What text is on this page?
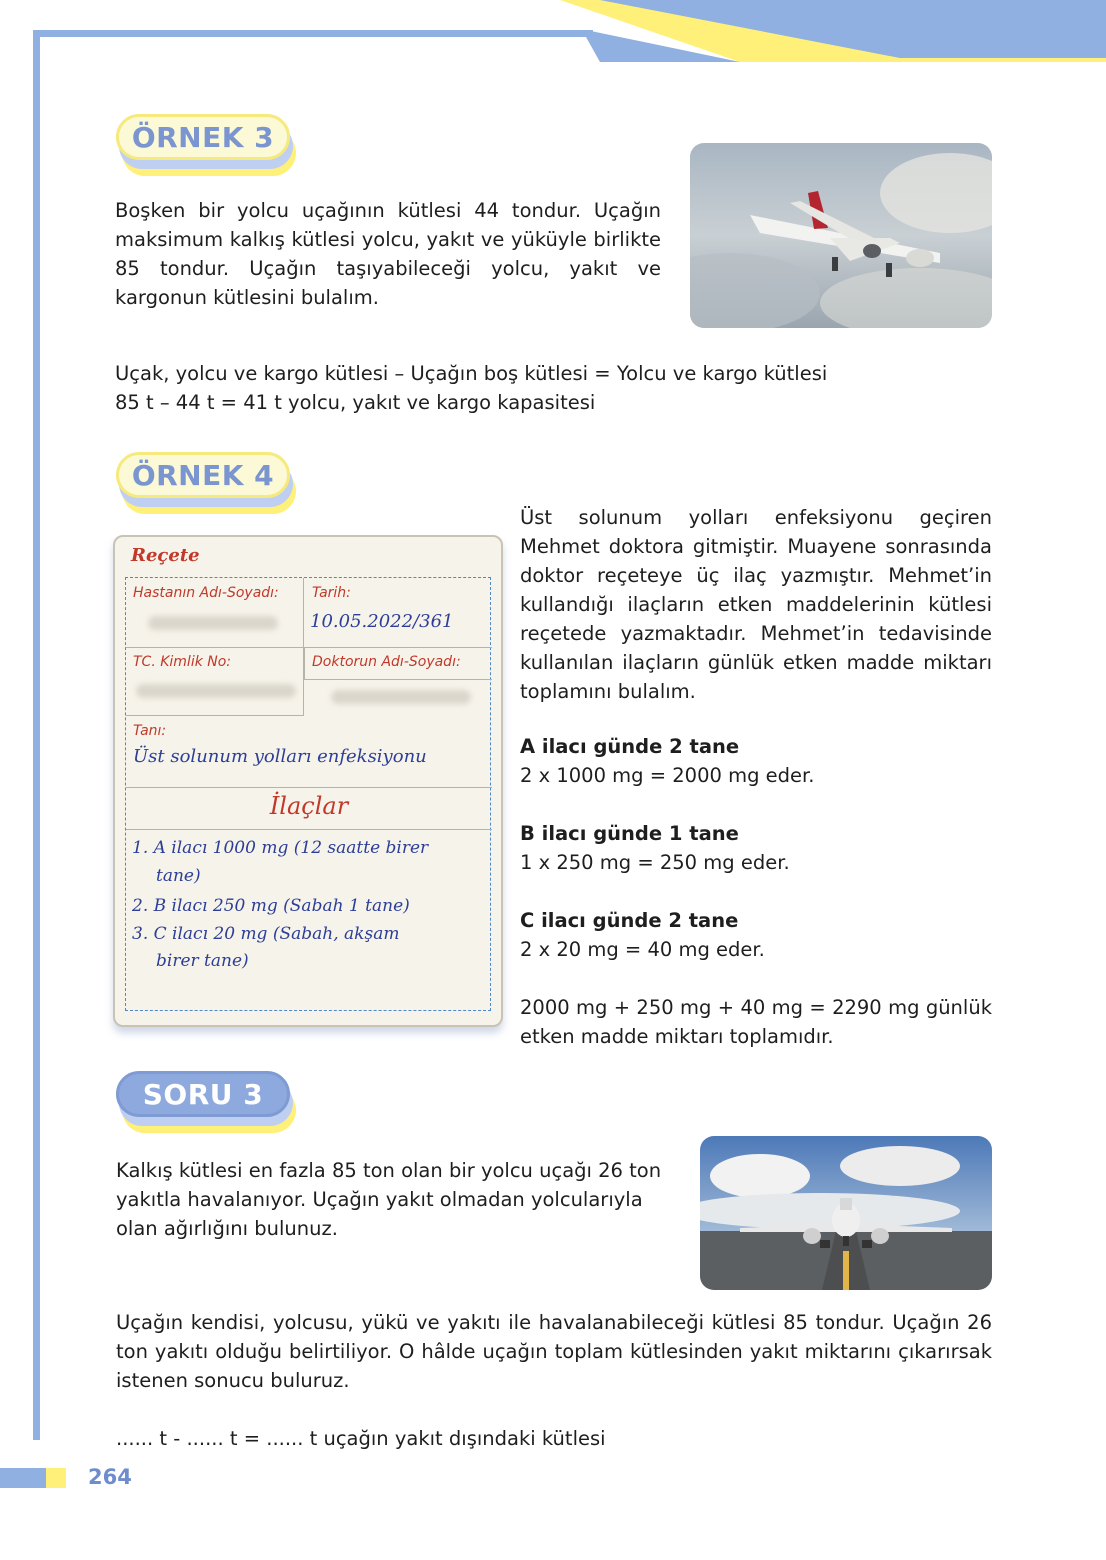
ÖRNEK 3
Boşken bir yolcu uçağının kütlesi 44 tondur. Uçağın maksimum kalkış kütlesi yolcu, yakıt ve yüküyle birlikte 85 tondur. Uçağın taşıyabileceği yolcu, yakıt ve kargonun kütlesini bulalım.

Uçak, yolcu ve kargo kütlesi – Uçağın boş kütlesi = Yolcu ve kargo kütlesi

85 t – 44 t = 41 t yolcu, yakıt ve kargo kapasitesi

ÖRNEK 4
Reçete
Hastanın Adı-Soyadı: Tarih:
10.05.2022/361
TC. Kimlik No:	Doktorun Adı-Soyadı:
Tanı:
Üst solunum yolları enfeksiyonu
İlaçlar
1. A ilacı 1000 mg (12 saatte birer
tane)
2. B ilacı 250 mg (Sabah 1 tane)
3. C ilacı 20 mg (Sabah, akşam
birer tane)
Üst solunum yolları enfeksiyonu geçiren Mehmet doktora gitmiştir. Muayene sonrasında doktor reçeteye üç ilaç yazmıştır. Mehmet’in kullandığı ilaçların etken maddelerinin kütlesi reçetede yazmaktadır. Mehmet’in tedavisinde kullanılan ilaçların günlük etken madde miktarı toplamını bulalım.

A ilacı günde 2 tane

2 x 1000 mg = 2000 mg eder.

B ilacı günde 1 tane

1 x 250 mg = 250 mg eder.

C ilacı günde 2 tane

2 x 20 mg = 40 mg eder.

2000 mg + 250 mg + 40 mg = 2290 mg günlük etken madde miktarı toplamıdır.

SORU 3
Kalkış kütlesi en fazla 85 ton olan bir yolcu uçağı 26 ton yakıtla havalanıyor. Uçağın yakıt olmadan yolcularıyla olan ağırlığını bulunuz.
Uçağın kendisi, yolcusu, yükü ve yakıtı ile havalanabileceği kütlesi 85 tondur. Uçağın 26 ton yakıtı olduğu belirtiliyor. O hâlde uçağın toplam kütlesinden yakıt miktarını çıkarırsak istenen sonucu buluruz.
...... t - ...... t = ...... t uçağın yakıt dışındaki kütlesi
264
